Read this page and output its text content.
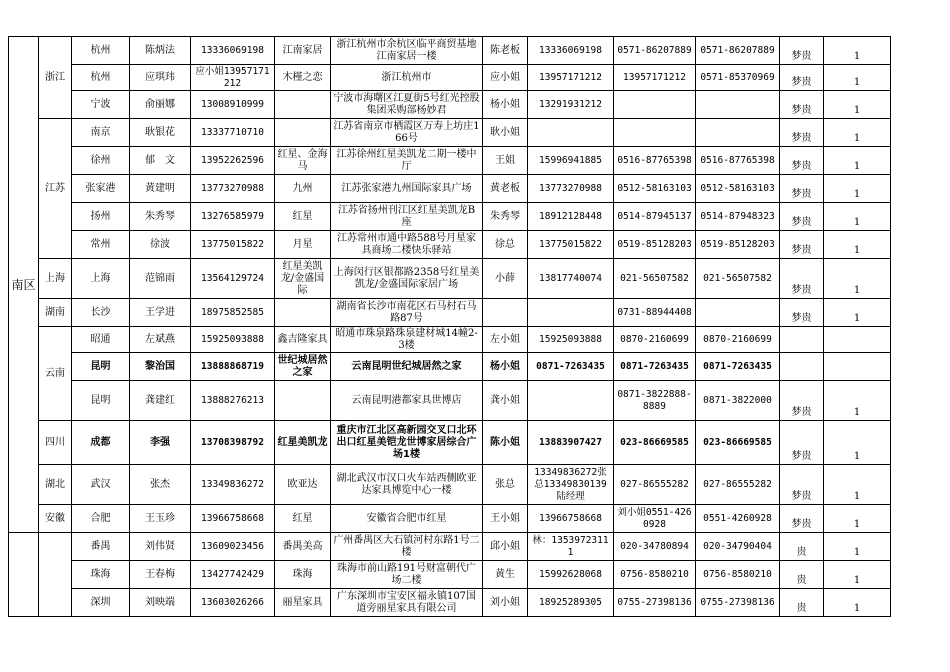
南区	浙江	杭州	陈炳法	13336069198	江南家居	浙江杭州市余杭区临平商贸基地江南家居一楼	陈老板	13336069198	0571-86207889	0571-86207889	梦贵	1
		杭州	应琪玮	应小姐13957171212	木槿之恋	浙江杭州市	应小姐	13957171212	13957171212	0571-85370969	梦贵	1
		宁波	俞丽娜	13008910999		宁波市海曙区江夏街5号红光控股集团采购部杨妙君	杨小姐	13291931212			梦贵	1
	江苏	南京	耿银花	13337710710		江苏省南京市栖霞区万寿上坊庄166号	耿小姐				梦贵	1
		徐州	郁　文	13952262596	红星、金海马	江苏徐州红星美凯龙二期一楼中厅	王姐	15996941885	0516-87765398	0516-87765398	梦贵	1
		张家港	黄建明	13773270988	九州	江苏张家港九州国际家具广场	黄老板	13773270988	0512-58163103	0512-58163103	梦贵	1
		扬州	朱秀琴	13276585979	红星	江苏省扬州刊江区红星美凯龙B座	朱秀琴	18912128448	0514-87945137	0514-87948323	梦贵	1
		常州	徐波	13775015822	月星	江苏常州市通中路588号月星家具商场二楼快乐驿站	徐总	13775015822	0519-85128203	0519-85128203	梦贵	1
	上海	上海	范锦雨	13564129724	红星美凯龙/金盛国际	上海闵行区银都路2358号红星美凯龙/金盛国际家居广场	小薛	13817740074	021-56507582	021-56507582	梦贵	1
	湖南	长沙	王学进	18975852585		湖南省长沙市南花区石马村石马路87号			0731-88944408		梦贵	1
	云南	昭通	左斌燕	15925093888	鑫吉隆家具	昭通市珠泉路珠泉建材城14幢2-3楼	左小姐	15925093888	0870-2160699	0870-2160699		
		昆明	黎治国	13888868719	世纪城居然之家	云南昆明世纪城居然之家	杨小姐	0871-7263435	0871-7263435	0871-7263435		
		昆明	龚建红	13888276213		云南昆明港都家具世博店	龚小姐		0871-3822888-8889	0871-3822000	梦贵	1
	四川	成都	李强	13708398792	红星美凯龙	重庆市江北区高新园交叉口北环出口红星美铠龙世博家居综合广场1楼	陈小姐	13883907427	023-86669585	023-86669585	梦贵	1
	湖北	武汉	张杰	13349836272	欧亚达	湖北武汉市汉口火车站西侧欧亚达家具博览中心一楼	张总	13349836272张总13349830139陆经理	027-86555282	027-86555282	梦贵	1
	安徽	合肥	王玉珍	13966758668	红星	安徽省合肥市红星	王小姐	13966758668	刘小姐0551-4260928	0551-4260928	梦贵	1
		番禺	刘伟贤	13609023456	番禺美高	广州番禺区大石镇河村东路1号二楼	邱小姐	林：13539723111	020-34780894	020-34790404	贵	1
		珠海	王春梅	13427742429	珠海	珠海市前山路191号财富朝代广场二楼	黄生	15992628068	0756-8580210	0756-8580210	贵	1
		深圳	刘映端	13603026266	丽星家具	广东深圳市宝安区福永镇107国道旁丽星家具有限公司	刘小姐	18925289305	0755-27398136	0755-27398136	贵	1
